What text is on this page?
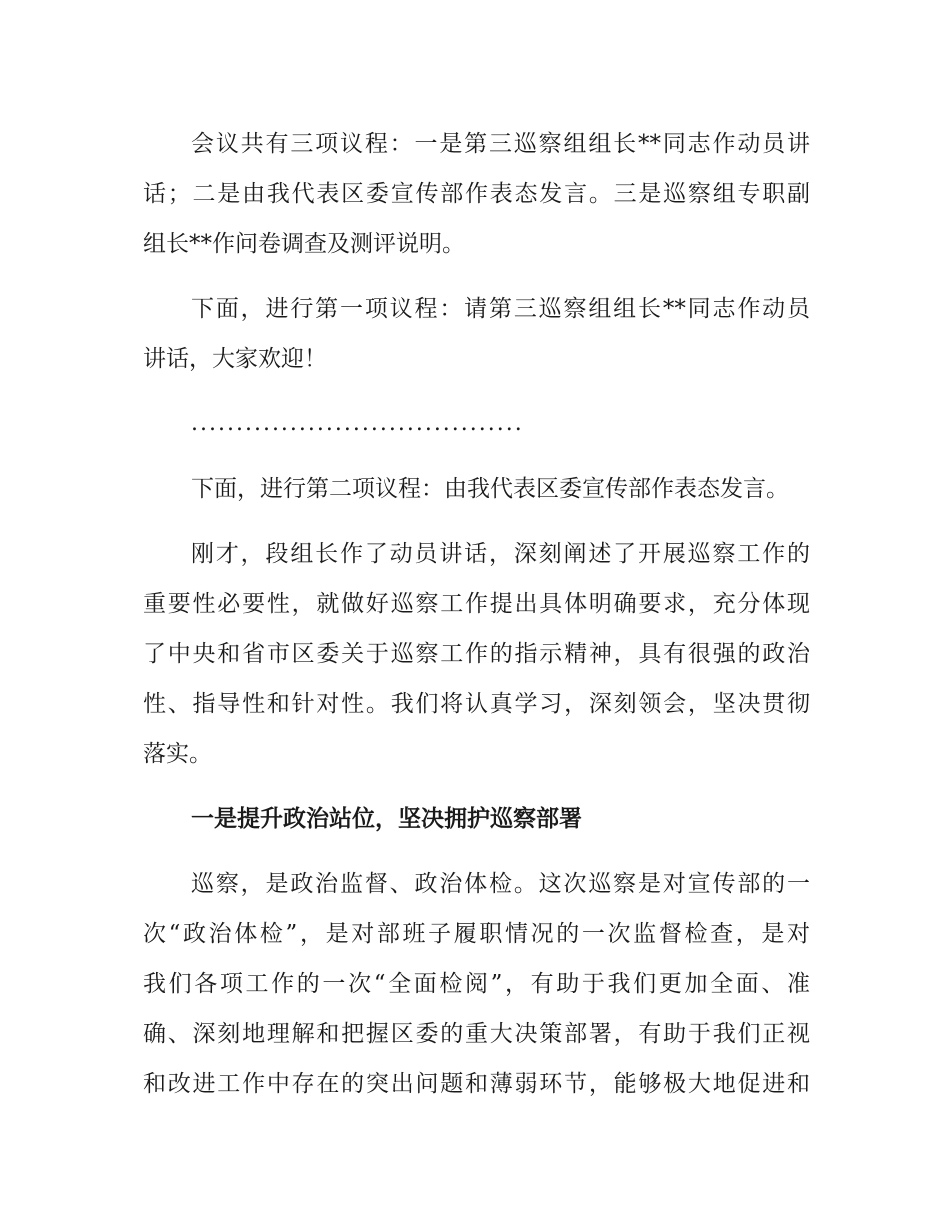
会议共有三项议程：一是第三巡察组组长**同志作动员讲
话；二是由我代表区委宣传部作表态发言。三是巡察组专职副
组长**作问卷调查及测评说明。
下面，进行第一项议程：请第三巡察组组长**同志作动员
讲话，大家欢迎！
.....................................
下面，进行第二项议程：由我代表区委宣传部作表态发言。
刚才，段组长作了动员讲话，深刻阐述了开展巡察工作的
重要性必要性，就做好巡察工作提出具体明确要求，充分体现
了中央和省市区委关于巡察工作的指示精神，具有很强的政治
性、指导性和针对性。我们将认真学习，深刻领会，坚决贯彻
落实。
一是提升政治站位，坚决拥护巡察部署
巡察，是政治监督、政治体检。这次巡察是对宣传部的一
次“政治体检”，是对部班子履职情况的一次监督检查，是对
我们各项工作的一次“全面检阅”，有助于我们更加全面、准
确、深刻地理解和把握区委的重大决策部署，有助于我们正视
和改进工作中存在的突出问题和薄弱环节，能够极大地促进和
